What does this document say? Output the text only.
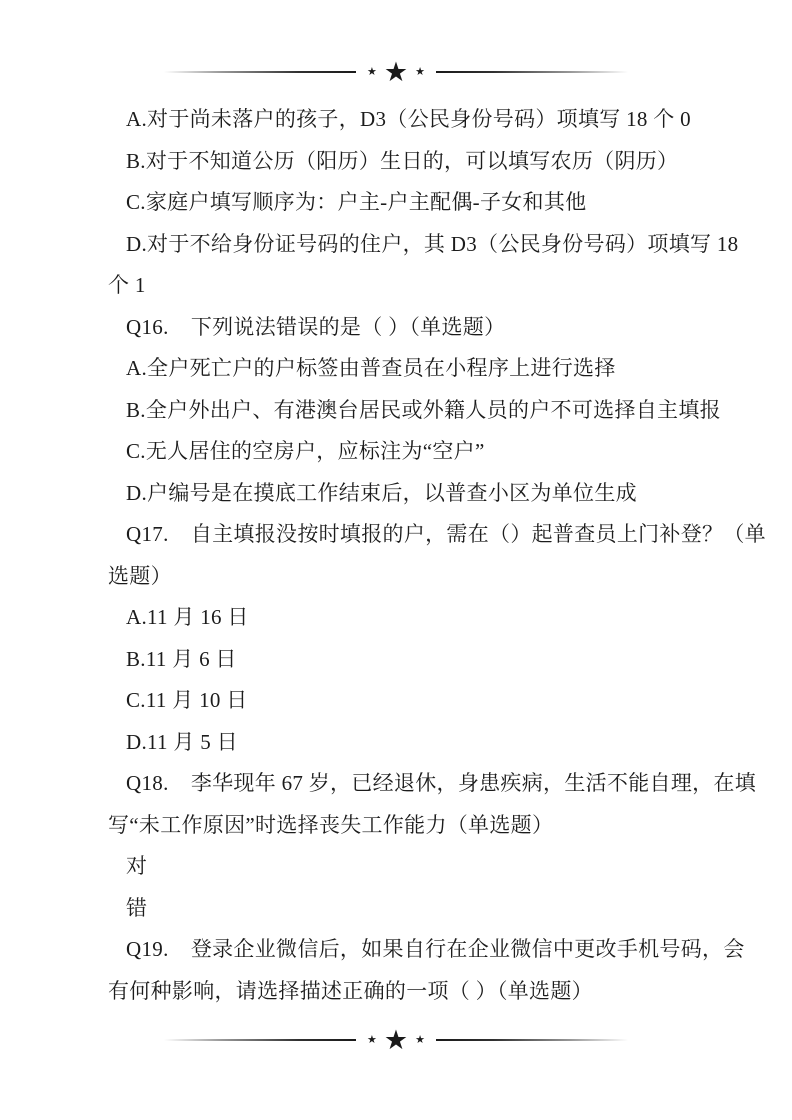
★ ★ ★
A.对于尚未落户的孩子，D3（公民身份号码）项填写 18 个 0
B.对于不知道公历（阳历）生日的，可以填写农历（阴历）
C.家庭户填写顺序为：户主-户主配偶-子女和其他
D.对于不给身份证号码的住户，其 D3（公民身份号码）项填写 18
个 1
Q16.    下列说法错误的是（ ）（单选题）
A.全户死亡户的户标签由普查员在小程序上进行选择
B.全户外出户、有港澳台居民或外籍人员的户不可选择自主填报
C.无人居住的空房户，应标注为“空户”
D.户编号是在摸底工作结束后，以普查小区为单位生成
Q17.    自主填报没按时填报的户，需在（）起普查员上门补登？（单
选题）
A.11 月 16 日
B.11 月 6 日
C.11 月 10 日
D.11 月 5 日
Q18.    李华现年 67 岁，已经退休，身患疾病，生活不能自理，在填
写“未工作原因”时选择丧失工作能力（单选题）
对
错
Q19.    登录企业微信后，如果自行在企业微信中更改手机号码，会
有何种影响，请选择描述正确的一项（ ）（单选题）
★ ★ ★
